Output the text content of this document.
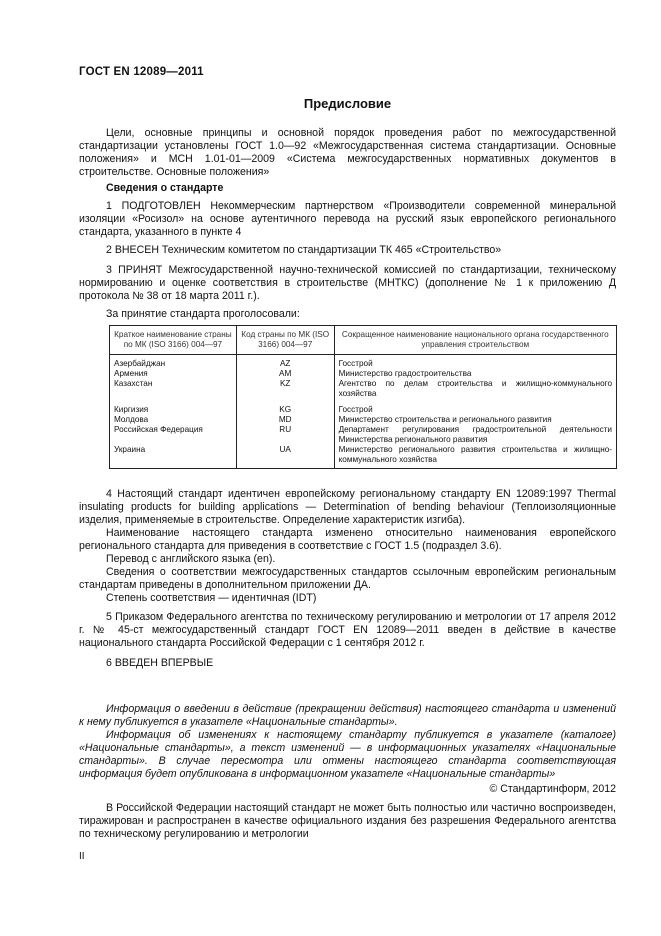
ГОСТ EN 12089—2011
Предисловие
Цели, основные принципы и основной порядок проведения работ по межгосударственной стандартизации установлены ГОСТ 1.0—92 «Межгосударственная система стандартизации. Основные положения» и МСН 1.01-01—2009 «Система межгосударственных нормативных документов в строительстве. Основные положения»
Сведения о стандарте
1 ПОДГОТОВЛЕН Некоммерческим партнерством «Производители современной минеральной изоляции «Росизол» на основе аутентичного перевода на русский язык европейского регионального стандарта, указанного в пункте 4
2 ВНЕСЕН Техническим комитетом по стандартизации ТК 465 «Строительство»
3 ПРИНЯТ Межгосударственной научно-технической комиссией по стандартизации, техническому нормированию и оценке соответствия в строительстве (МНТКС) (дополнение № 1 к приложению Д протокола № 38 от 18 марта 2011 г.).
За принятие стандарта проголосовали:
Краткое наименование страны по МК (ISO 3166) 004—97	Код страны по МК (ISO 3166) 004—97	Сокращенное наименование национального органа государственного управления строительством
Азербайджан	AZ	Госстрой
Армения	AM	Министерство градостроительства
Казахстан	KZ	Агентство по делам строительства и жилищно-коммунального хозяйства
Киргизия	KG	Госстрой
Молдова	MD	Министерство строительства и регионального развития
Российская Федерация	RU	Департамент регулирования градостроительной деятельности Министерства регионального развития
Украина	UA	Министерство регионального развития строительства и жилищно-коммунального хозяйства

4 Настоящий стандарт идентичен европейскому региональному стандарту EN 12089:1997 Thermal insulating products for building applications — Determination of bending behaviour (Теплоизоляционные изделия, применяемые в строительстве. Определение характеристик изгиба).

Наименование настоящего стандарта изменено относительно наименования европейского регионального стандарта для приведения в соответствие с ГОСТ 1.5 (подраздел 3.6).

Перевод с английского языка (en).

Сведения о соответствии межгосударственных стандартов ссылочным европейским региональным стандартам приведены в дополнительном приложении ДА.

Степень соответствия — идентичная (IDT)

5 Приказом Федерального агентства по техническому регулированию и метрологии от 17 апреля 2012 г. № 45-ст межгосударственный стандарт ГОСТ EN 12089—2011 введен в действие в качестве национального стандарта Российской Федерации с 1 сентября 2012 г.
6 ВВЕДЕН ВПЕРВЫЕ

Информация о введении в действие (прекращении действия) настоящего стандарта и изменений к нему публикуется в указателе «Национальные стандарты».

Информация об изменениях к настоящему стандарту публикуется в указателе (каталоге) «Национальные стандарты», а текст изменений — в информационных указателях «Национальные стандарты». В случае пересмотра или отмены настоящего стандарта соответствующая информация будет опубликована в информационном указателе «Национальные стандарты»

© Стандартинформ, 2012
В Российской Федерации настоящий стандарт не может быть полностью или частично воспроизведен, тиражирован и распространен в качестве официального издания без разрешения Федерального агентства по техническому регулированию и метрологии
II
